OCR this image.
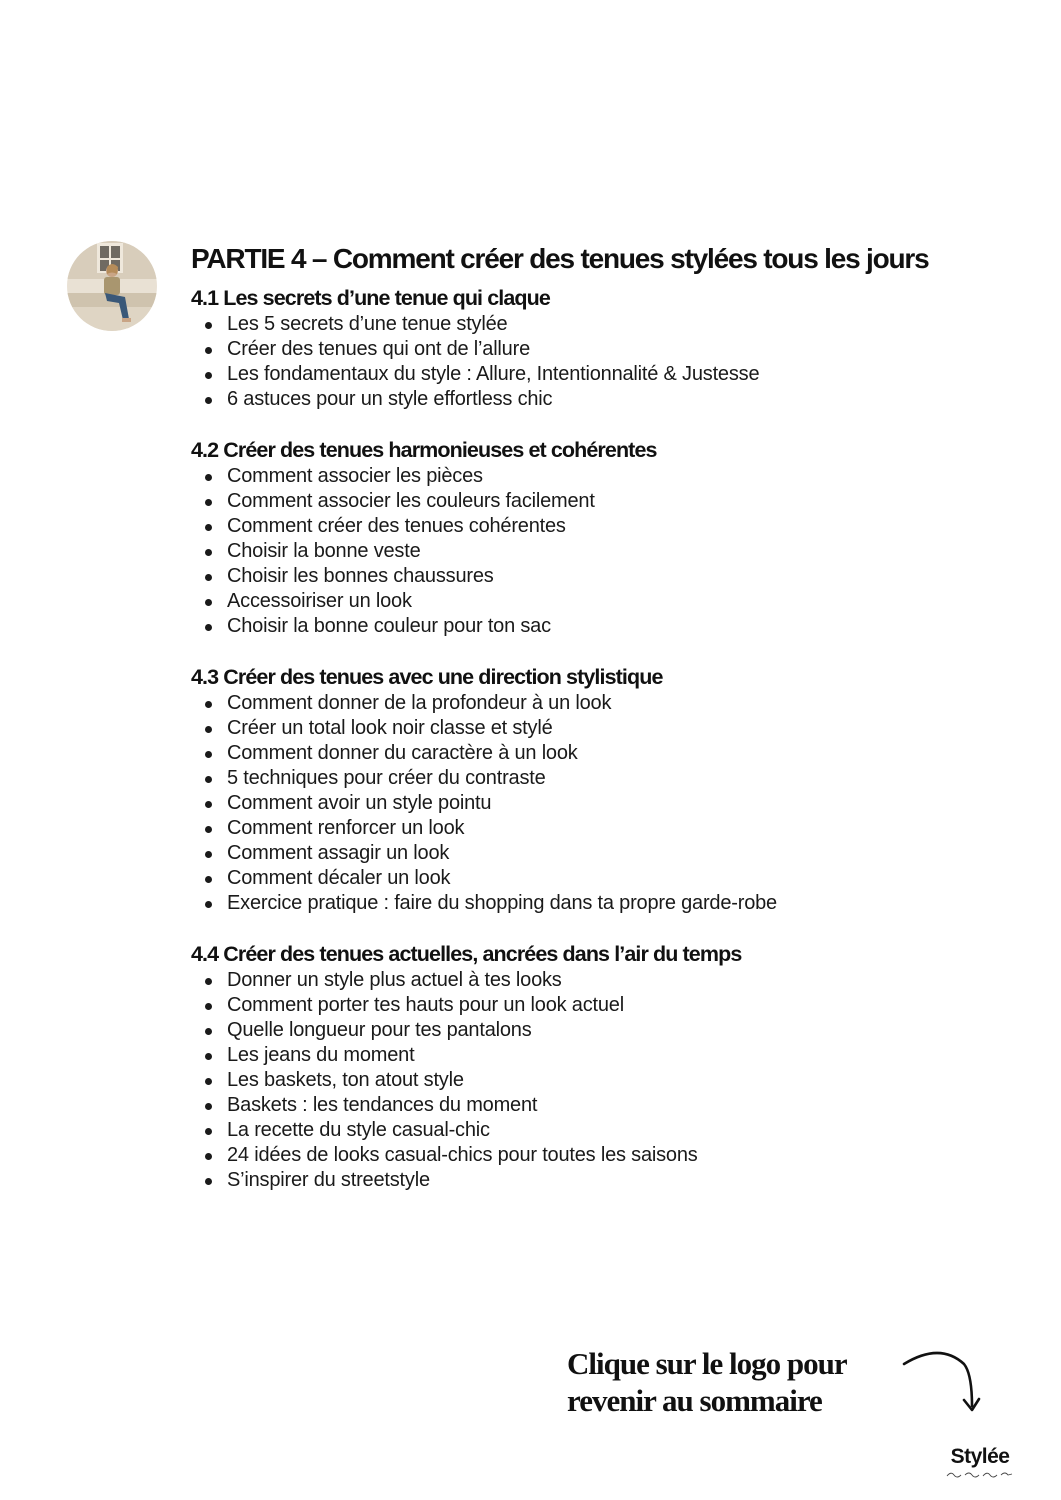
PARTIE 4 – Comment créer des tenues stylées tous les jours
4.1 Les secrets d’une tenue qui claque
Les 5 secrets d’une tenue stylée
Créer des tenues qui ont de l’allure
Les fondamentaux du style : Allure, Intentionnalité & Justesse
6 astuces pour un style effortless chic
4.2 Créer des tenues harmonieuses et cohérentes
Comment associer les pièces
Comment associer les couleurs facilement
Comment créer des tenues cohérentes
Choisir la bonne veste
Choisir les bonnes chaussures
Accessoiriser un look
Choisir la bonne couleur pour ton sac
4.3 Créer des tenues avec une direction stylistique
Comment donner de la profondeur à un look
Créer un total look noir classe et stylé
Comment donner du caractère à un look
5 techniques pour créer du contraste
Comment avoir un style pointu
Comment renforcer un look
Comment assagir un look
Comment décaler un look
Exercice pratique : faire du shopping dans ta propre garde-robe
4.4 Créer des tenues actuelles, ancrées dans l’air du temps
Donner un style plus actuel à tes looks
Comment porter tes hauts pour un look actuel
Quelle longueur pour tes pantalons
Les jeans du moment
Les baskets, ton atout style
Baskets : les tendances du moment
La recette du style casual-chic
24 idées de looks casual-chics pour toutes les saisons
S’inspirer du streetstyle
Clique sur le logo pour
revenir au sommaire
Stylée
